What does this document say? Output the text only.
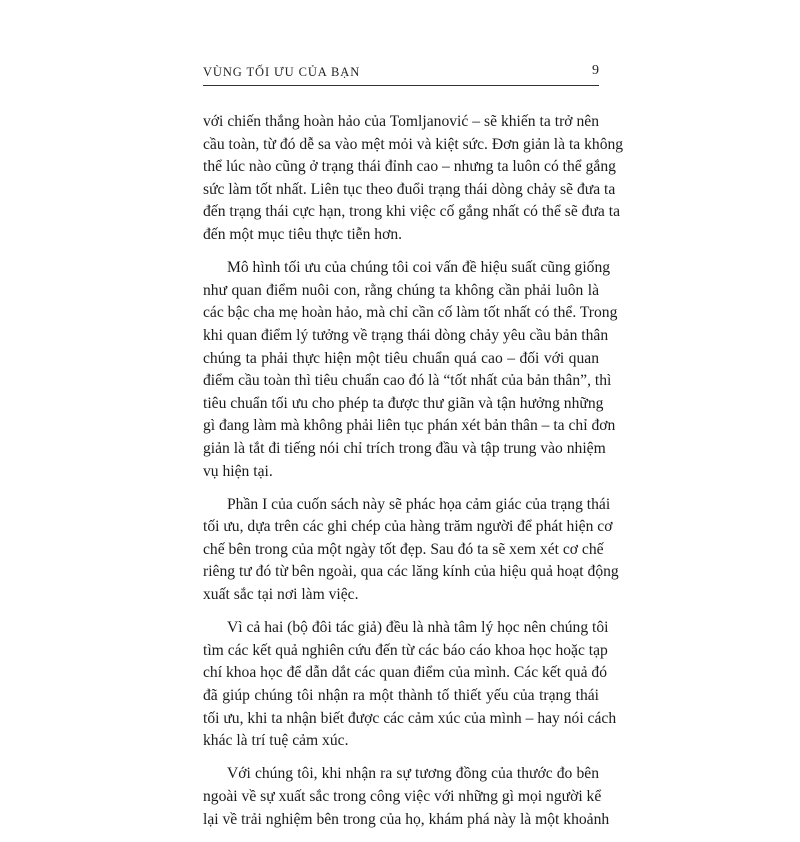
VÙNG TỐI ƯU CỦA BẠN	9
với chiến thắng hoàn hảo của Tomljanović – sẽ khiến ta trở nên
cầu toàn, từ đó dễ sa vào mệt mỏi và kiệt sức. Đơn giản là ta không
thể lúc nào cũng ở trạng thái đỉnh cao – nhưng ta luôn có thể gắng
sức làm tốt nhất. Liên tục theo đuổi trạng thái dòng chảy sẽ đưa ta
đến trạng thái cực hạn, trong khi việc cố gắng nhất có thể sẽ đưa ta
đến một mục tiêu thực tiễn hơn.
Mô hình tối ưu của chúng tôi coi vấn đề hiệu suất cũng giống
như quan điểm nuôi con, rằng chúng ta không cần phải luôn là
các bậc cha mẹ hoàn hảo, mà chỉ cần cố làm tốt nhất có thể. Trong
khi quan điểm lý tưởng về trạng thái dòng chảy yêu cầu bản thân
chúng ta phải thực hiện một tiêu chuẩn quá cao – đối với quan
điểm cầu toàn thì tiêu chuẩn cao đó là “tốt nhất của bản thân”, thì
tiêu chuẩn tối ưu cho phép ta được thư giãn và tận hưởng những
gì đang làm mà không phải liên tục phán xét bản thân – ta chỉ đơn
giản là tắt đi tiếng nói chỉ trích trong đầu và tập trung vào nhiệm
vụ hiện tại.
Phần I của cuốn sách này sẽ phác họa cảm giác của trạng thái
tối ưu, dựa trên các ghi chép của hàng trăm người để phát hiện cơ
chế bên trong của một ngày tốt đẹp. Sau đó ta sẽ xem xét cơ chế
riêng tư đó từ bên ngoài, qua các lăng kính của hiệu quả hoạt động
xuất sắc tại nơi làm việc.
Vì cả hai (bộ đôi tác giả) đều là nhà tâm lý học nên chúng tôi
tìm các kết quả nghiên cứu đến từ các báo cáo khoa học hoặc tạp
chí khoa học để dẫn dắt các quan điểm của mình. Các kết quả đó
đã giúp chúng tôi nhận ra một thành tố thiết yếu của trạng thái
tối ưu, khi ta nhận biết được các cảm xúc của mình – hay nói cách
khác là trí tuệ cảm xúc.
Với chúng tôi, khi nhận ra sự tương đồng của thước đo bên
ngoài về sự xuất sắc trong công việc với những gì mọi người kể
lại về trải nghiệm bên trong của họ, khám phá này là một khoảnh
